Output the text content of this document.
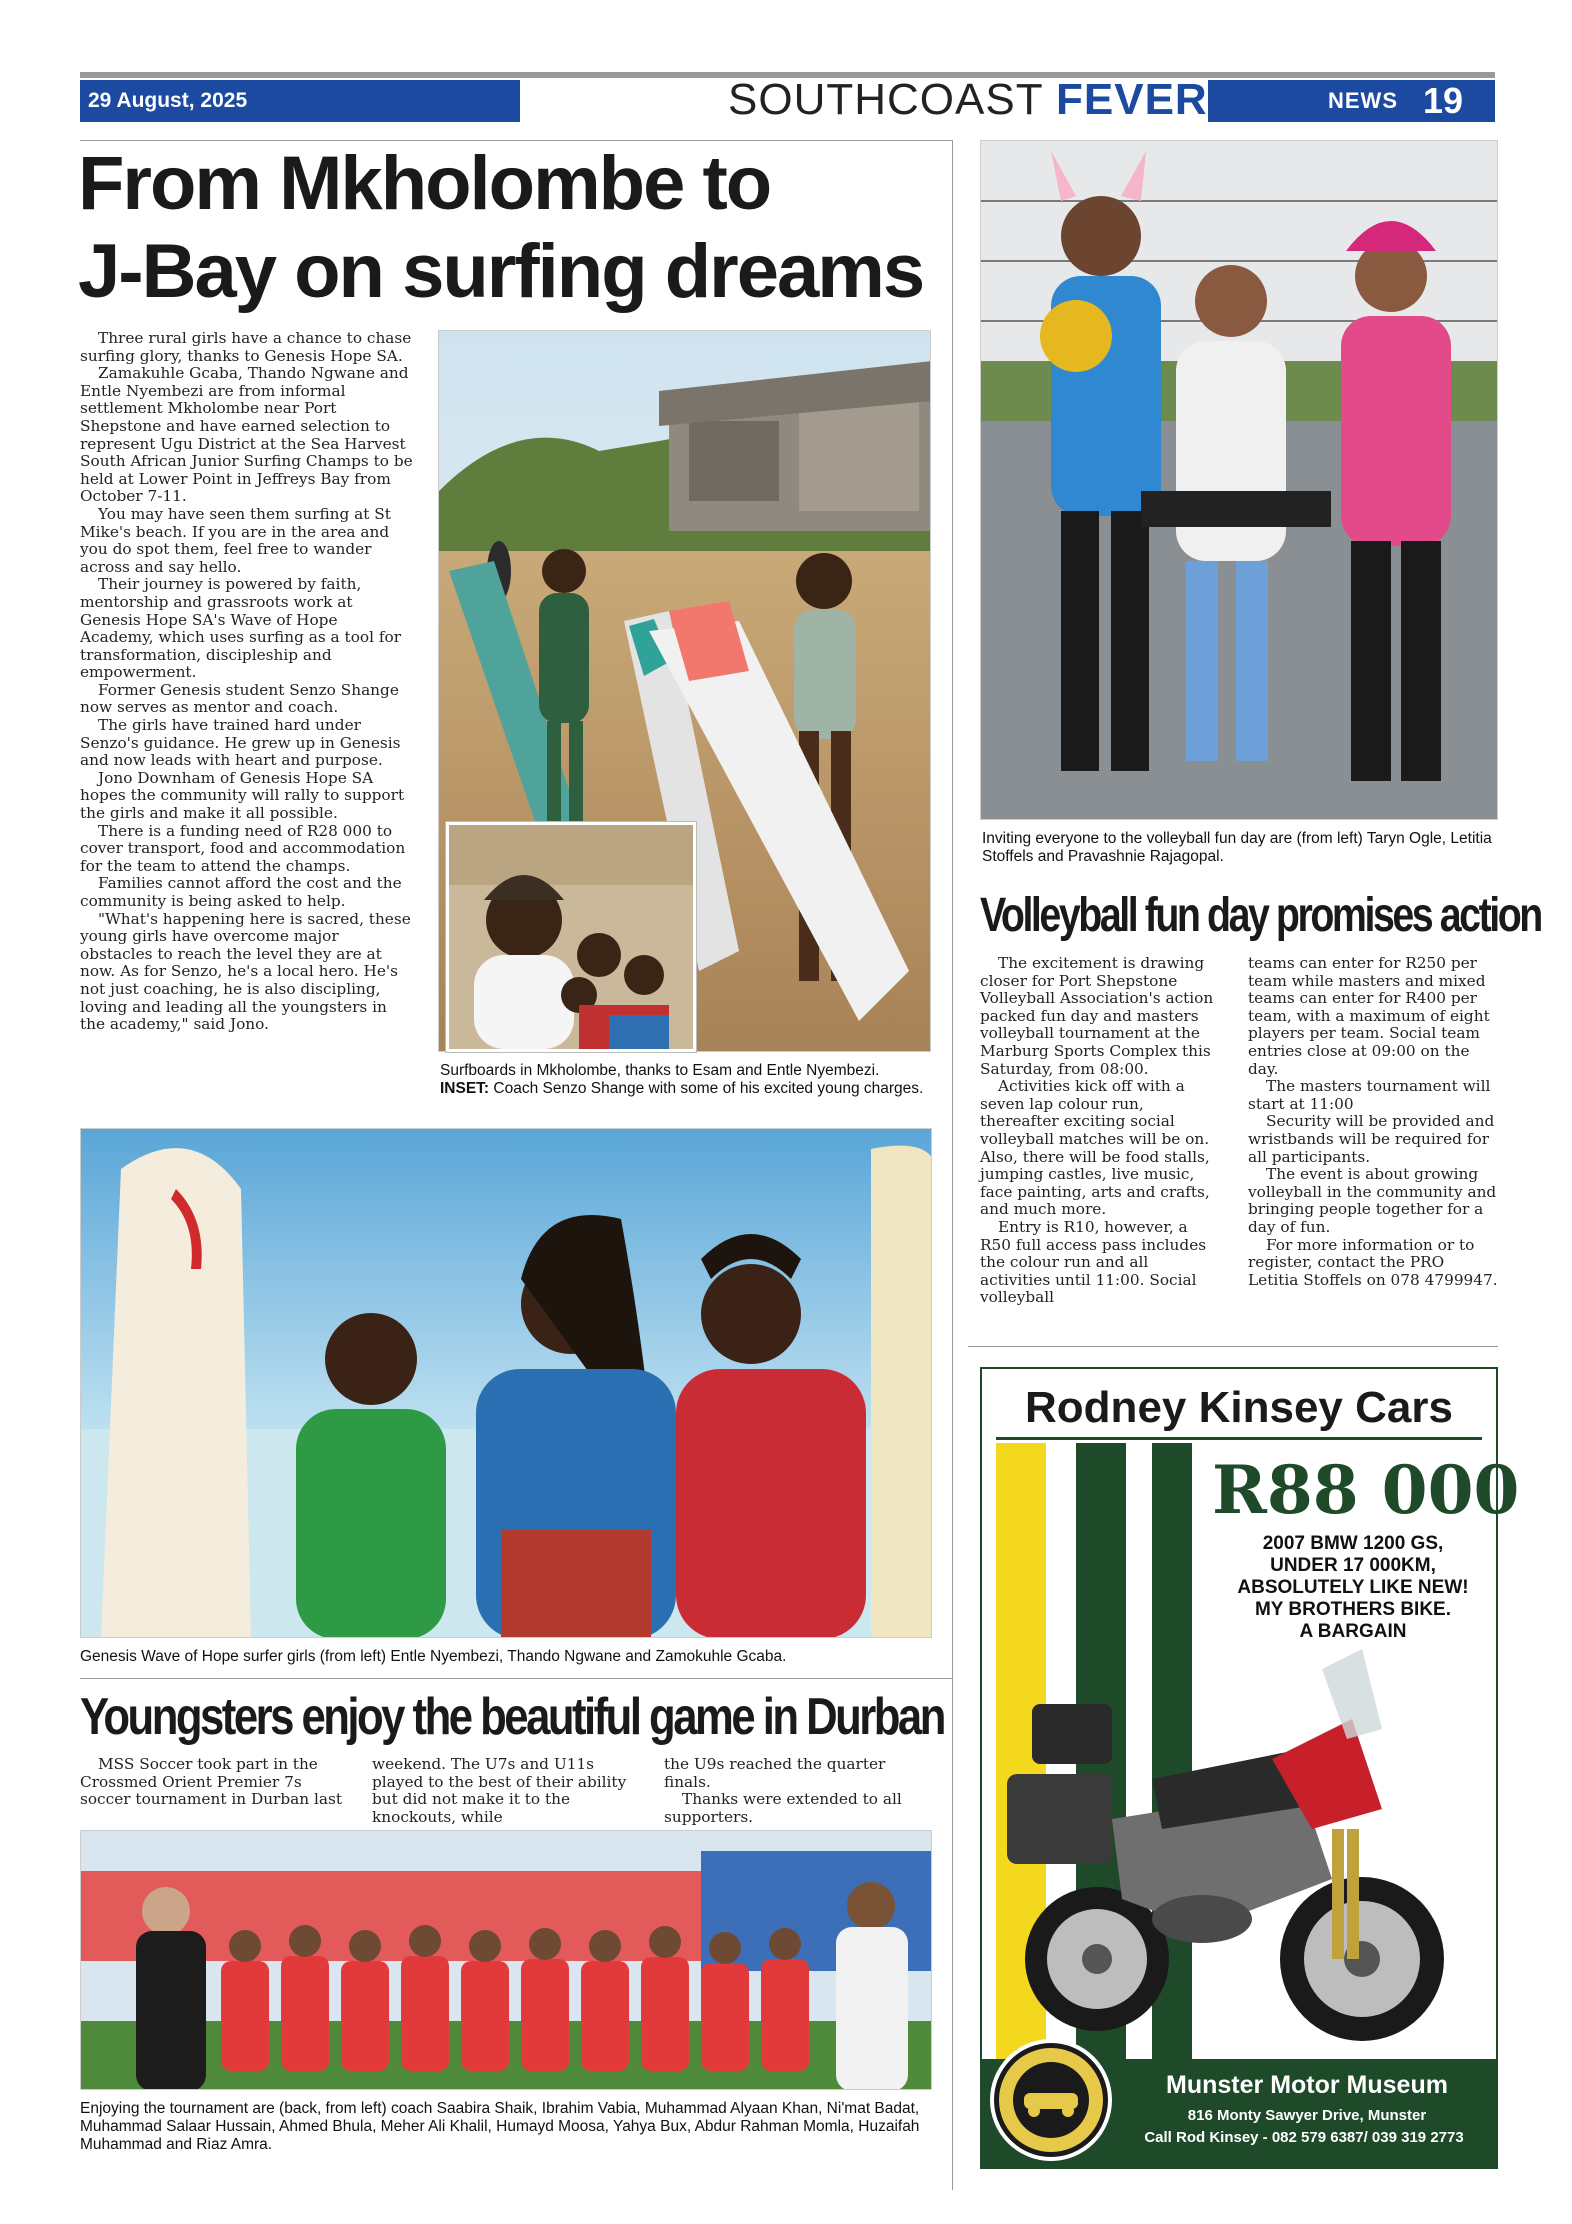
29 August, 2025	SOUTHCOAST FEVER	NEWS 19
From Mkholombe to
J-Bay on surfing dreams

Three rural girls have a chance to chase surfing glory, thanks to Genesis Hope SA.

Zamakuhle Gcaba, Thando Ngwane and Entle Nyembezi are from informal settlement Mkholombe near Port Shepstone and have earned selection to represent Ugu District at the Sea Harvest South African Junior Surfing Champs to be held at Lower Point in Jeffreys Bay from October 7-11.

You may have seen them surfing at St Mike's beach. If you are in the area and you do spot them, feel free to wander across and say hello.

Their journey is powered by faith, mentorship and grassroots work at Genesis Hope SA's Wave of Hope Academy, which uses surfing as a tool for transformation, discipleship and empowerment.

Former Genesis student Senzo Shange now serves as mentor and coach.

The girls have trained hard under Senzo's guidance. He grew up in Genesis and now leads with heart and purpose.

Jono Downham of Genesis Hope SA hopes the community will rally to support the girls and make it all possible.

There is a funding need of R28 000 to cover transport, food and accommodation for the team to attend the champs.

Families cannot afford the cost and the community is being asked to help.

"What's happening here is sacred, these young girls have overcome major obstacles to reach the level they are at now. As for Senzo, he's a local hero. He's not just coaching, he is also discipling, loving and leading all the youngsters in the academy," said Jono.

Surfboards in Mkholombe, thanks to Esam and Entle Nyembezi.
INSET: Coach Senzo Shange with some of his excited young charges.
Genesis Wave of Hope surfer girls (from left) Entle Nyembezi, Thando Ngwane and Zamokuhle Gcaba.
Youngsters enjoy the beautiful game in Durban

MSS Soccer took part in the Crossmed Orient Premier 7s soccer tournament in Durban last

weekend. The U7s and U11s played to the best of their ability but did not make it to the knockouts, while

the U9s reached the quarter finals.

Thanks were extended to all supporters.

Enjoying the tournament are (back, from left) coach Saabira Shaik, Ibrahim Vabia, Muhammad Alyaan Khan, Ni'mat Badat, Muhammad Salaar Hussain, Ahmed Bhula, Meher Ali Khalil, Humayd Moosa, Yahya Bux, Abdur Rahman Momla, Huzaifah Muhammad and Riaz Amra.
Inviting everyone to the volleyball fun day are (from left) Taryn Ogle, Letitia Stoffels and Pravashnie Rajagopal.
Volleyball fun day promises action

The excitement is drawing closer for Port Shepstone Volleyball Association's action packed fun day and masters volleyball tournament at the Marburg Sports Complex this Saturday, from 08:00.

Activities kick off with a seven lap colour run, thereafter exciting social volleyball matches will be on. Also, there will be food stalls, jumping castles, live music, face painting, arts and crafts, and much more.

Entry is R10, however, a R50 full access pass includes the colour run and all activities until 11:00. Social volleyball

teams can enter for R250 per team while masters and mixed teams can enter for R400 per team, with a maximum of eight players per team. Social team entries close at 09:00 on the day.

The masters tournament will start at 11:00

Security will be provided and wristbands will be required for all participants.

The event is about growing volleyball in the community and bringing people together for a day of fun.

For more information or to register, contact the PRO Letitia Stoffels on 078 4799947.

Rodney Kinsey Cars
R88 000
2007 BMW 1200 GS,
UNDER 17 000KM,
ABSOLUTELY LIKE NEW!
MY BROTHERS BIKE.
A BARGAIN
Munster Motor Museum
816 Monty Sawyer Drive, Munster
Call Rod Kinsey - 082 579 6387/ 039 319 2773
